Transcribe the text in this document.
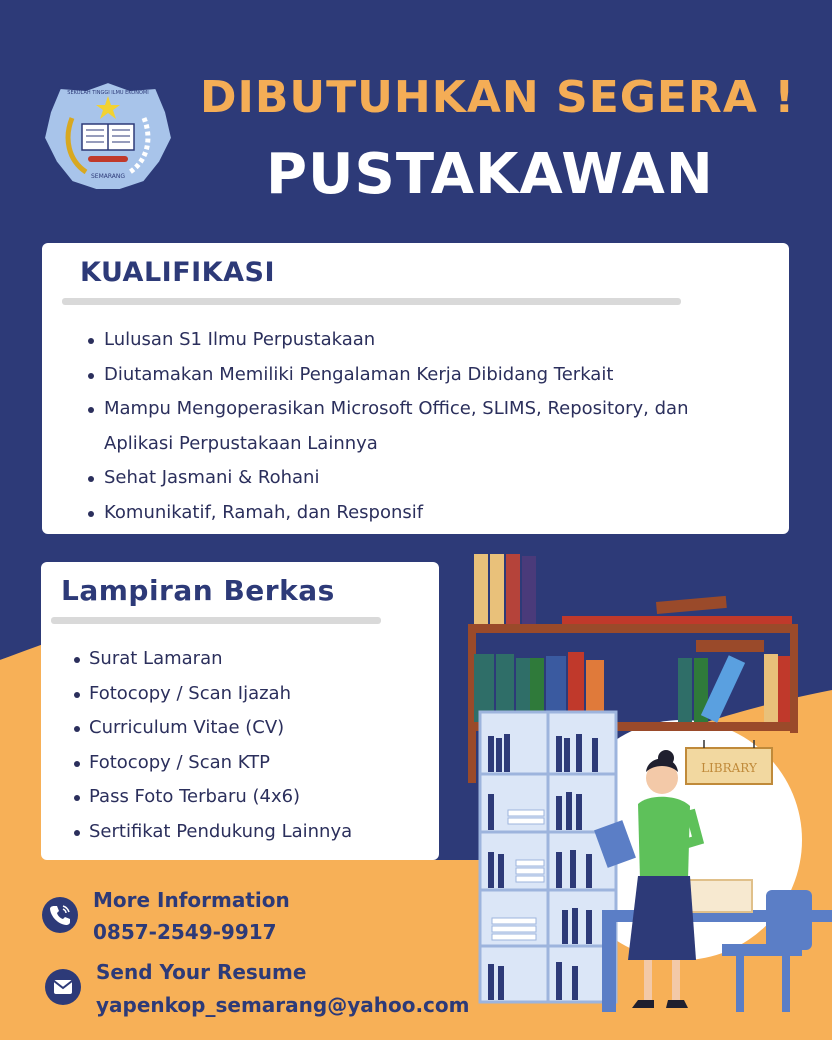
SEMARANG
SEKOLAH TINGGI ILMU EKONOMI DIBUTUHKAN SEGERA !
PUSTAKAWAN
KUALIFIKASI
Lulusan S1 Ilmu Perpustakaan
Diutamakan Memiliki Pengalaman Kerja Dibidang Terkait
Mampu Mengoperasikan Microsoft Office, SLIMS, Repository, dan
Aplikasi Perpustakaan Lainnya
Sehat Jasmani & Rohani
Komunikatif, Ramah, dan Responsif
Lampiran Berkas
Surat Lamaran
Fotocopy / Scan Ijazah
Curriculum Vitae (CV)
Fotocopy / Scan KTP
Pass Foto Terbaru (4x6)
Sertifikat Pendukung Lainnya
More Information
0857-2549-9917
Send Your Resume
yapenkop_semarang@yahoo.com
LIBRARY
